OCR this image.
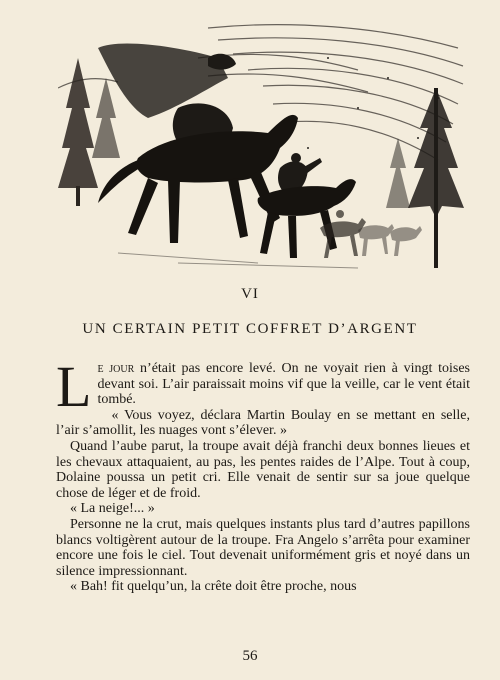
VI
UN CERTAIN PETIT COFFRET D’ARGENT

Le jour n’était pas encore levé. On ne voyait rien à vingt toises devant soi. L’air paraissait moins vif que la veille, car le vent était tombé.

« Vous voyez, déclara Martin Boulay en se mettant en selle, l’air s’amollit, les nuages vont s’élever. »

Quand l’aube parut, la troupe avait déjà franchi deux bonnes lieues et les chevaux attaquaient, au pas, les pentes raides de l’Alpe. Tout à coup, Dolaine poussa un petit cri. Elle venait de sentir sur sa joue quelque chose de léger et de froid.

« La neige!... »

Personne ne la crut, mais quelques instants plus tard d’autres papillons blancs voltigèrent autour de la troupe. Fra Angelo s’arrêta pour examiner encore une fois le ciel. Tout devenait uniformément gris et noyé dans un silence impressionnant.

« Bah! fit quelqu’un, la crête doit être proche, nous

56
